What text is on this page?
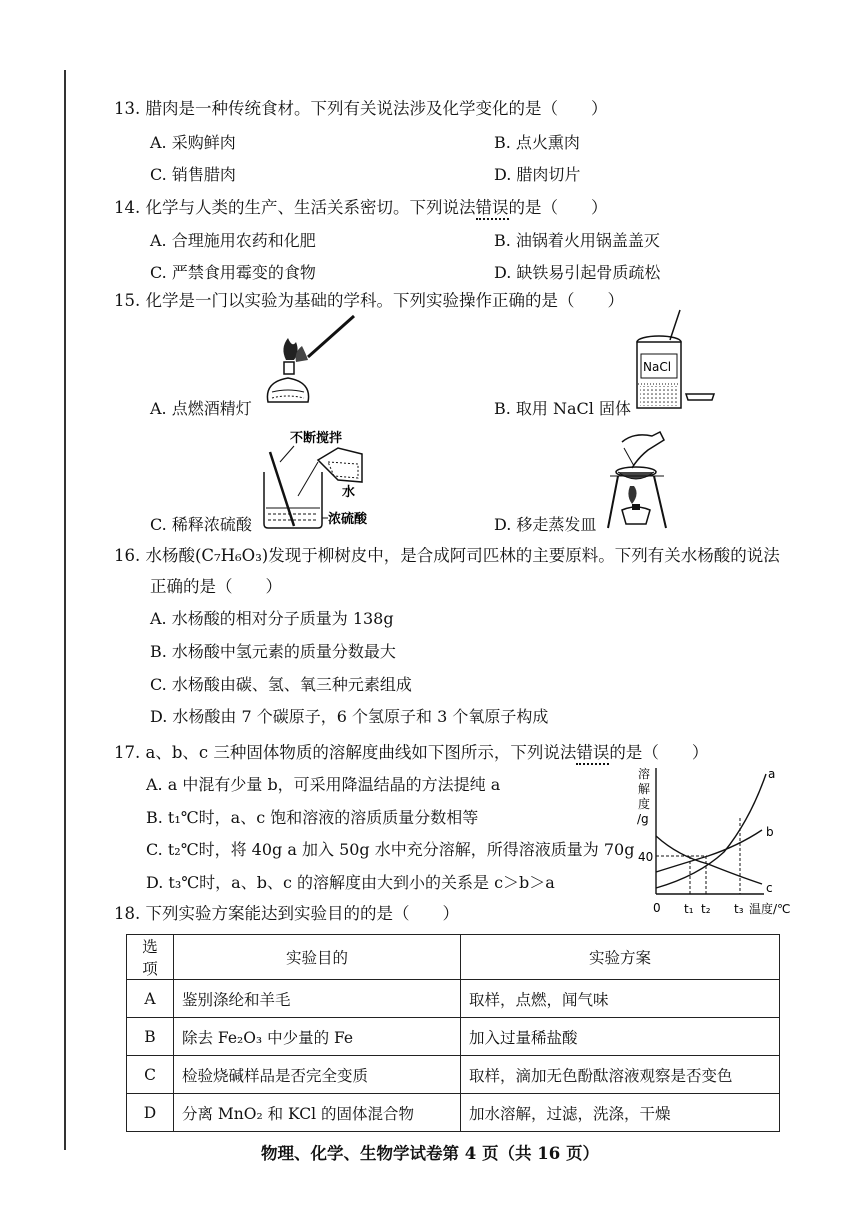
13. 腊肉是一种传统食材。下列有关说法涉及化学变化的是（　　）
A. 采购鲜肉	B. 点火熏肉
C. 销售腊肉	D. 腊肉切片
14. 化学与人类的生产、生活关系密切。下列说法错误的是（　　）
A. 合理施用农药和化肥	B. 油锅着火用锅盖盖灭
C. 严禁食用霉变的食物	D. 缺铁易引起骨质疏松
15. 化学是一门以实验为基础的学科。下列实验操作正确的是（　　）
A. 点燃酒精灯	B. 取用 NaCl 固体
C. 稀释浓硫酸	D. 移走蒸发皿
NaCl
不断搅拌
水
浓硫酸
16. 水杨酸(C₇H₆O₃)发现于柳树皮中，是合成阿司匹林的主要原料。下列有关水杨酸的说法
正确的是（　　）
A. 水杨酸的相对分子质量为 138g
B. 水杨酸中氢元素的质量分数最大
C. 水杨酸由碳、氢、氧三种元素组成
D. 水杨酸由 7 个碳原子，6 个氢原子和 3 个氧原子构成
17. a、b、c 三种固体物质的溶解度曲线如下图所示，下列说法错误的是（　　）
A. a 中混有少量 b，可采用降温结晶的方法提纯 a
B. t₁℃时，a、c 饱和溶液的溶质质量分数相等
C. t₂℃时，将 40g a 加入 50g 水中充分溶解，所得溶液质量为 70g
D. t₃℃时，a、b、c 的溶解度由大到小的关系是 c＞b＞a
溶
解
度
/g
40
a
b
c
0 t₁ t₂ t₃ 温度/℃
18. 下列实验方案能达到实验目的的是（　　）
选项	实验目的	实验方案
A	鉴别涤纶和羊毛	取样，点燃，闻气味
B	除去 Fe₂O₃ 中少量的 Fe	加入过量稀盐酸
C	检验烧碱样品是否完全变质	取样，滴加无色酚酞溶液观察是否变色
D	分离 MnO₂ 和 KCl 的固体混合物	加水溶解，过滤，洗涤，干燥
物理、化学、生物学试卷第 4 页（共 16 页）
